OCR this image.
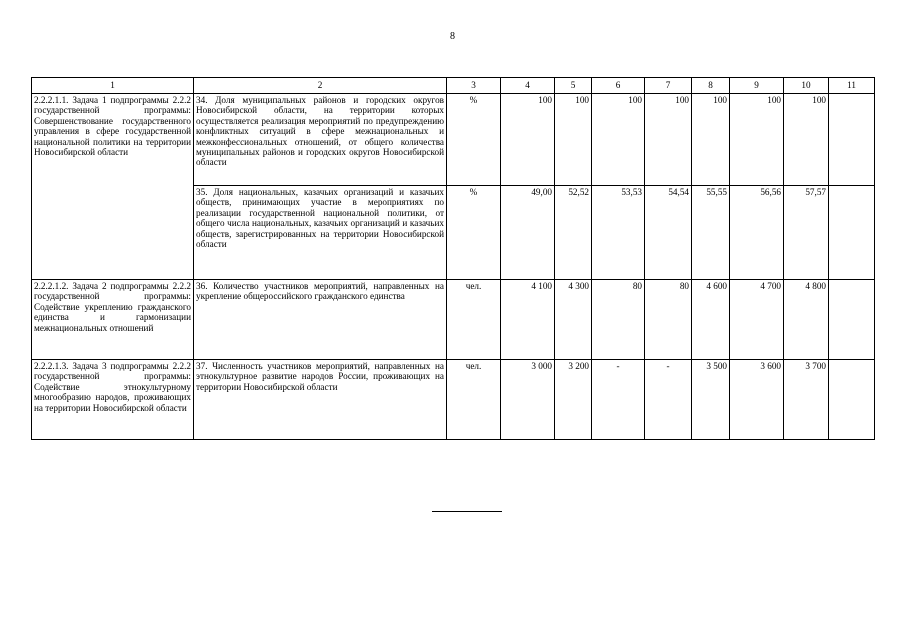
8
1	2	3	4	5	6	7	8	9	10	11
2.2.2.1.1. Задача 1 подпрограммы 2.2.2 государственной программы: Совершенствование государственного управления в сфере государственной национальной политики на территории Новосибирской области	34. Доля муниципальных районов и городских округов Новосибирской области, на территории которых осуществляется реализация мероприятий по предупреждению конфликтных ситуаций в сфере межнациональных и межконфессиональных отношений, от общего количества муниципальных районов и городских округов Новосибирской области	%	100	100	100	100	100	100	100	
	35. Доля национальных, казачьих организаций и казачьих обществ, принимающих участие в мероприятиях по реализации государственной национальной политики, от общего числа национальных, казачьих организаций и казачьих обществ, зарегистрированных на территории Новосибирской области	%	49,00	52,52	53,53	54,54	55,55	56,56	57,57	
2.2.2.1.2. Задача 2 подпрограммы 2.2.2 государственной программы: Содействие укреплению гражданского единства и гармонизации межнациональных отношений	36. Количество участников мероприятий, направленных на укрепление общероссийского гражданского единства	чел.	4 100	4 300	80	80	4 600	4 700	4 800	
2.2.2.1.3. Задача 3 подпрограммы 2.2.2 государственной программы: Содействие этнокультурному многообразию народов, проживающих на территории Новосибирской области	37. Численность участников мероприятий, направленных на этнокультурное развитие народов России, проживающих на территории Новосибирской области	чел.	3 000	3 200	-	-	3 500	3 600	3 700	
